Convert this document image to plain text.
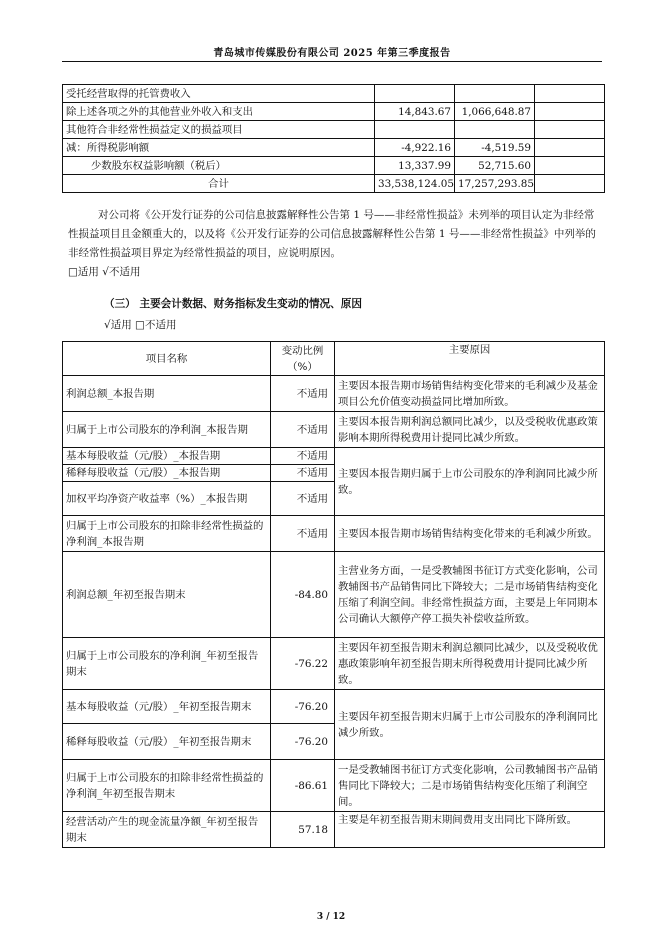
青岛城市传媒股份有限公司 2025 年第三季度报告
受托经营取得的托管费收入			
除上述各项之外的其他营业外收入和支出	14,843.67	1,066,648.87	
其他符合非经常性损益定义的损益项目			
减：所得税影响额	-4,922.16	-4,519.59	
少数股东权益影响额（税后）	13,337.99	52,715.60	
合计	33,538,124.05	17,257,293.85	
对公司将《公开发行证券的公司信息披露解释性公告第 1 号——非经常性损益》未列举的项目认定为非经常性损益项目且金额重大的，以及将《公开发行证券的公司信息披露解释性公告第 1 号——非经常性损益》中列举的非经常性损益项目界定为经常性损益的项目，应说明原因。
□适用 √不适用
（三） 主要会计数据、财务指标发生变动的情况、原因
√适用 □不适用
项目名称	变动比例（%）	主要原因
利润总额_本报告期	不适用	主要因本报告期市场销售结构变化带来的毛利减少及基金项目公允价值变动损益同比增加所致。
归属于上市公司股东的净利润_本报告期	不适用	主要因本报告期利润总额同比减少，以及受税收优惠政策影响本期所得税费用计提同比减少所致。
基本每股收益（元/股）_本报告期	不适用	主要因本报告期归属于上市公司股东的净利润同比减少所致。
稀释每股收益（元/股）_本报告期	不适用	
加权平均净资产收益率（%）_本报告期	不适用	
归属于上市公司股东的扣除非经常性损益的净利润_本报告期	不适用	主要因本报告期市场销售结构变化带来的毛利减少所致。
利润总额_年初至报告期末	-84.80	主营业务方面，一是受教辅图书征订方式变化影响，公司教辅图书产品销售同比下降较大；二是市场销售结构变化压缩了利润空间。非经常性损益方面，主要是上年同期本公司确认大额停产停工损失补偿收益所致。
归属于上市公司股东的净利润_年初至报告期末	-76.22	主要因年初至报告期末利润总额同比减少，以及受税收优惠政策影响年初至报告期末所得税费用计提同比减少所致。
基本每股收益（元/股）_年初至报告期末	-76.20	主要因年初至报告期末归属于上市公司股东的净利润同比减少所致。
稀释每股收益（元/股）_年初至报告期末	-76.20	
归属于上市公司股东的扣除非经常性损益的净利润_年初至报告期末	-86.61	一是受教辅图书征订方式变化影响，公司教辅图书产品销售同比下降较大；二是市场销售结构变化压缩了利润空间。
经营活动产生的现金流量净额_年初至报告期末	57.18	主要是年初至报告期末期间费用支出同比下降所致。
3 / 12
